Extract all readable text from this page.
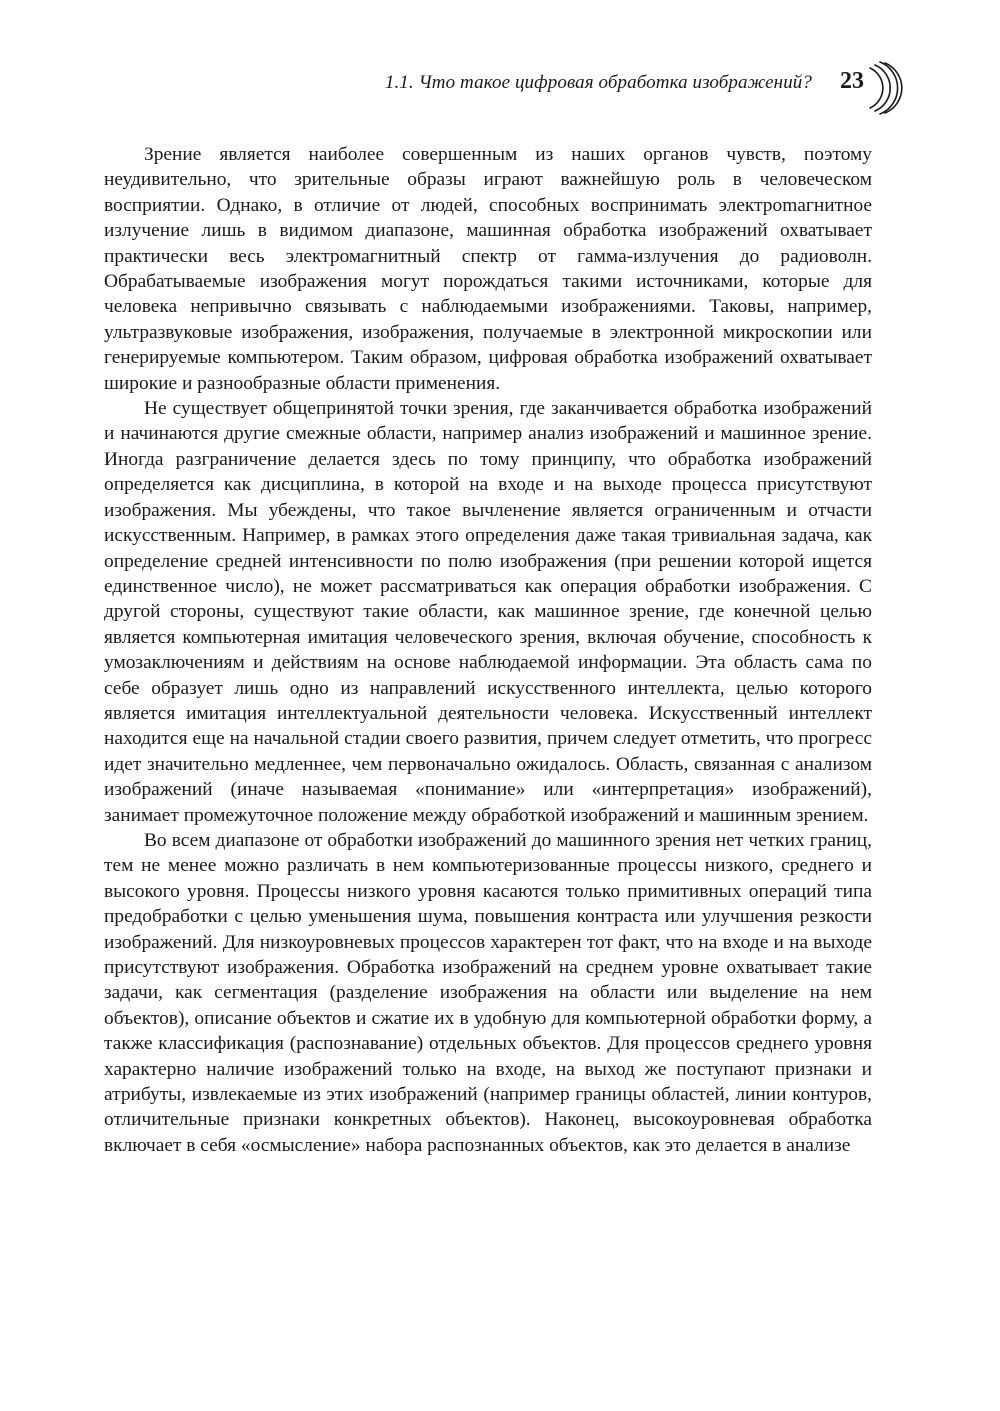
1.1. Что такое цифровая обработка изображений? 23

Зрение является наиболее совершенным из наших органов чувств, поэтому неудивительно, что зрительные образы играют важнейшую роль в человеческом восприятии. Однако, в отличие от людей, способных воспринимать электроmагнитное излучение лишь в видимом диапазоне, машинная обработка изображений охватывает практически весь электромагнитный спектр от гамма-излучения до радиоволн. Обрабатываемые изображения могут порождаться такими источниками, которые для человека непривычно связывать с наблюдаемыми изображениями. Таковы, например, ультразвуковые изображения, изображения, получаемые в электронной микроскопии или генерируемые компьютером. Таким образом, цифровая обработка изображений охватывает широкие и разнообразные области применения.

Не существует общепринятой точки зрения, где заканчивается обработка изображений и начинаются другие смежные области, например анализ изображений и машинное зрение. Иногда разграничение делается здесь по тому принципу, что обработка изображений определяется как дисциплина, в которой на входе и на выходе процесса присутствуют изображения. Мы убеждены, что такое вычленение является ограниченным и отчасти искусственным. Например, в рамках этого определения даже такая тривиальная задача, как определение средней интенсивности по полю изображения (при решении которой ищется единственное число), не может рассматриваться как операция обработки изображения. С другой стороны, существуют такие области, как машинное зрение, где конечной целью является компьютерная имитация человеческого зрения, включая обучение, способность к умозаключениям и действиям на основе наблюдаемой информации. Эта область сама по себе образует лишь одно из направлений искусственного интеллекта, целью которого является имитация интеллектуальной деятельности человека. Искусственный интеллект находится еще на начальной стадии своего развития, причем следует отметить, что прогресс идет значительно медленнее, чем первоначально ожидалось. Область, связанная с анализом изображений (иначе называемая «понимание» или «интерпретация» изображений), занимает промежуточное положение между обработкой изображений и машинным зрением.

Во всем диапазоне от обработки изображений до машинного зрения нет четких границ, тем не менее можно различать в нем компьютеризованные процессы низкого, среднего и высокого уровня. Процессы низкого уровня касаются только примитивных операций типа предобработки с целью уменьшения шума, повышения контраста или улучшения резкости изображений. Для низкоуровневых процессов характерен тот факт, что на входе и на выходе присутствуют изображения. Обработка изображений на среднем уровне охватывает такие задачи, как сегментация (разделение изображения на области или выделение на нем объектов), описание объектов и сжатие их в удобную для компьютерной обработки форму, а также классификация (распознавание) отдельных объектов. Для процессов среднего уровня характерно наличие изображений только на входе, на выход же поступают признаки и атрибуты, извлекаемые из этих изображений (например границы областей, линии контуров, отличительные признаки конкретных объектов). Наконец, высокоуровневая обработка включает в себя «осмысление» набора распознанных объектов, как это делается в анализе
